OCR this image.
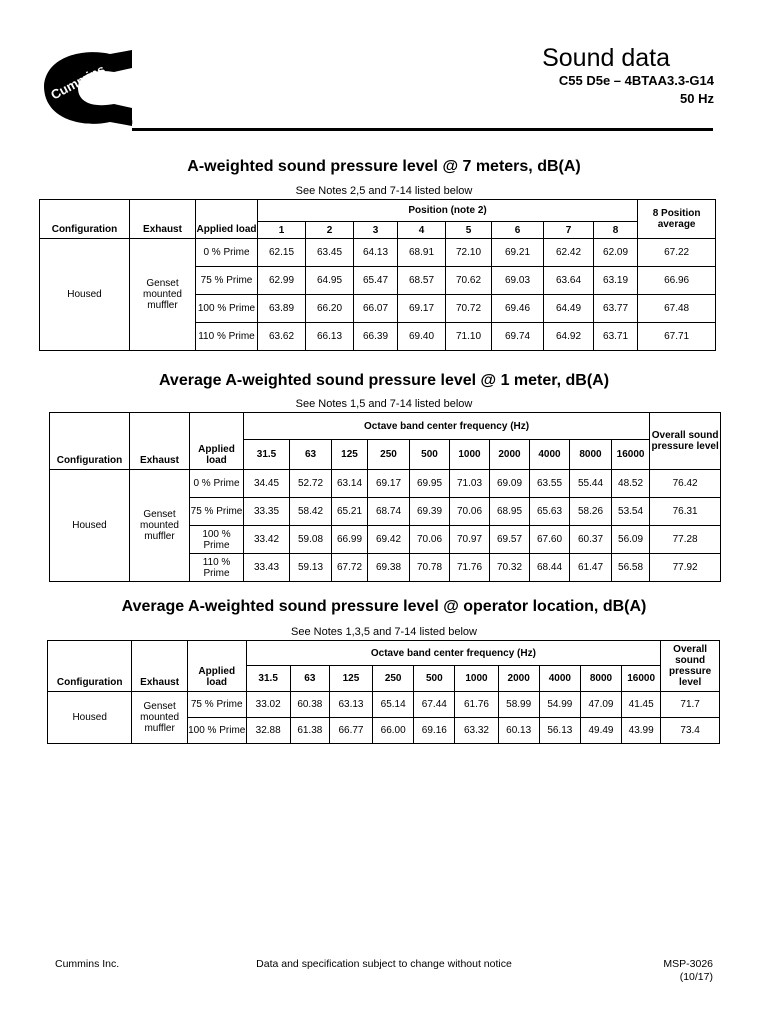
Cummins
®
Sound data
C55 D5e – 4BTAA3.3-G14
50 Hz
A-weighted sound pressure level @ 7 meters, dB(A)
See Notes 2,5 and 7-14 listed below
Configuration	Exhaust	Applied load	Position (note 2)								8 Position average
			1	2	3	4	5	6	7	8	
Housed	Genset mounted muffler	0 % Prime	62.15	63.45	64.13	68.91	72.10	69.21	62.42	62.09	67.22
		75 % Prime	62.99	64.95	65.47	68.57	70.62	69.03	63.64	63.19	66.96
		100 % Prime	63.89	66.20	66.07	69.17	70.72	69.46	64.49	63.77	67.48
		110 % Prime	63.62	66.13	66.39	69.40	71.10	69.74	64.92	63.71	67.71
Average A-weighted sound pressure level @ 1 meter, dB(A)
See Notes 1,5 and 7-14 listed below
Configuration	Exhaust	Applied load	Octave band center frequency (Hz)										Overall sound pressure level
			31.5	63	125	250	500	1000	2000	4000	8000	16000	
Housed	Genset mounted muffler	0 % Prime	34.45	52.72	63.14	69.17	69.95	71.03	69.09	63.55	55.44	48.52	76.42
		75 % Prime	33.35	58.42	65.21	68.74	69.39	70.06	68.95	65.63	58.26	53.54	76.31
		100 % Prime	33.42	59.08	66.99	69.42	70.06	70.97	69.57	67.60	60.37	56.09	77.28
		110 % Prime	33.43	59.13	67.72	69.38	70.78	71.76	70.32	68.44	61.47	56.58	77.92
Average A-weighted sound pressure level @ operator location, dB(A)
See Notes 1,3,5 and 7-14 listed below
Configuration	Exhaust	Applied load	Octave band center frequency (Hz)										Overall sound pressure level
			31.5	63	125	250	500	1000	2000	4000	8000	16000	
Housed	Genset mounted muffler	75 % Prime	33.02	60.38	63.13	65.14	67.44	61.76	58.99	54.99	47.09	41.45	71.7
		100 % Prime	32.88	61.38	66.77	66.00	69.16	63.32	60.13	56.13	49.49	43.99	73.4
Cummins Inc.	Data and specification subject to change without notice	MSP-3026
(10/17)
